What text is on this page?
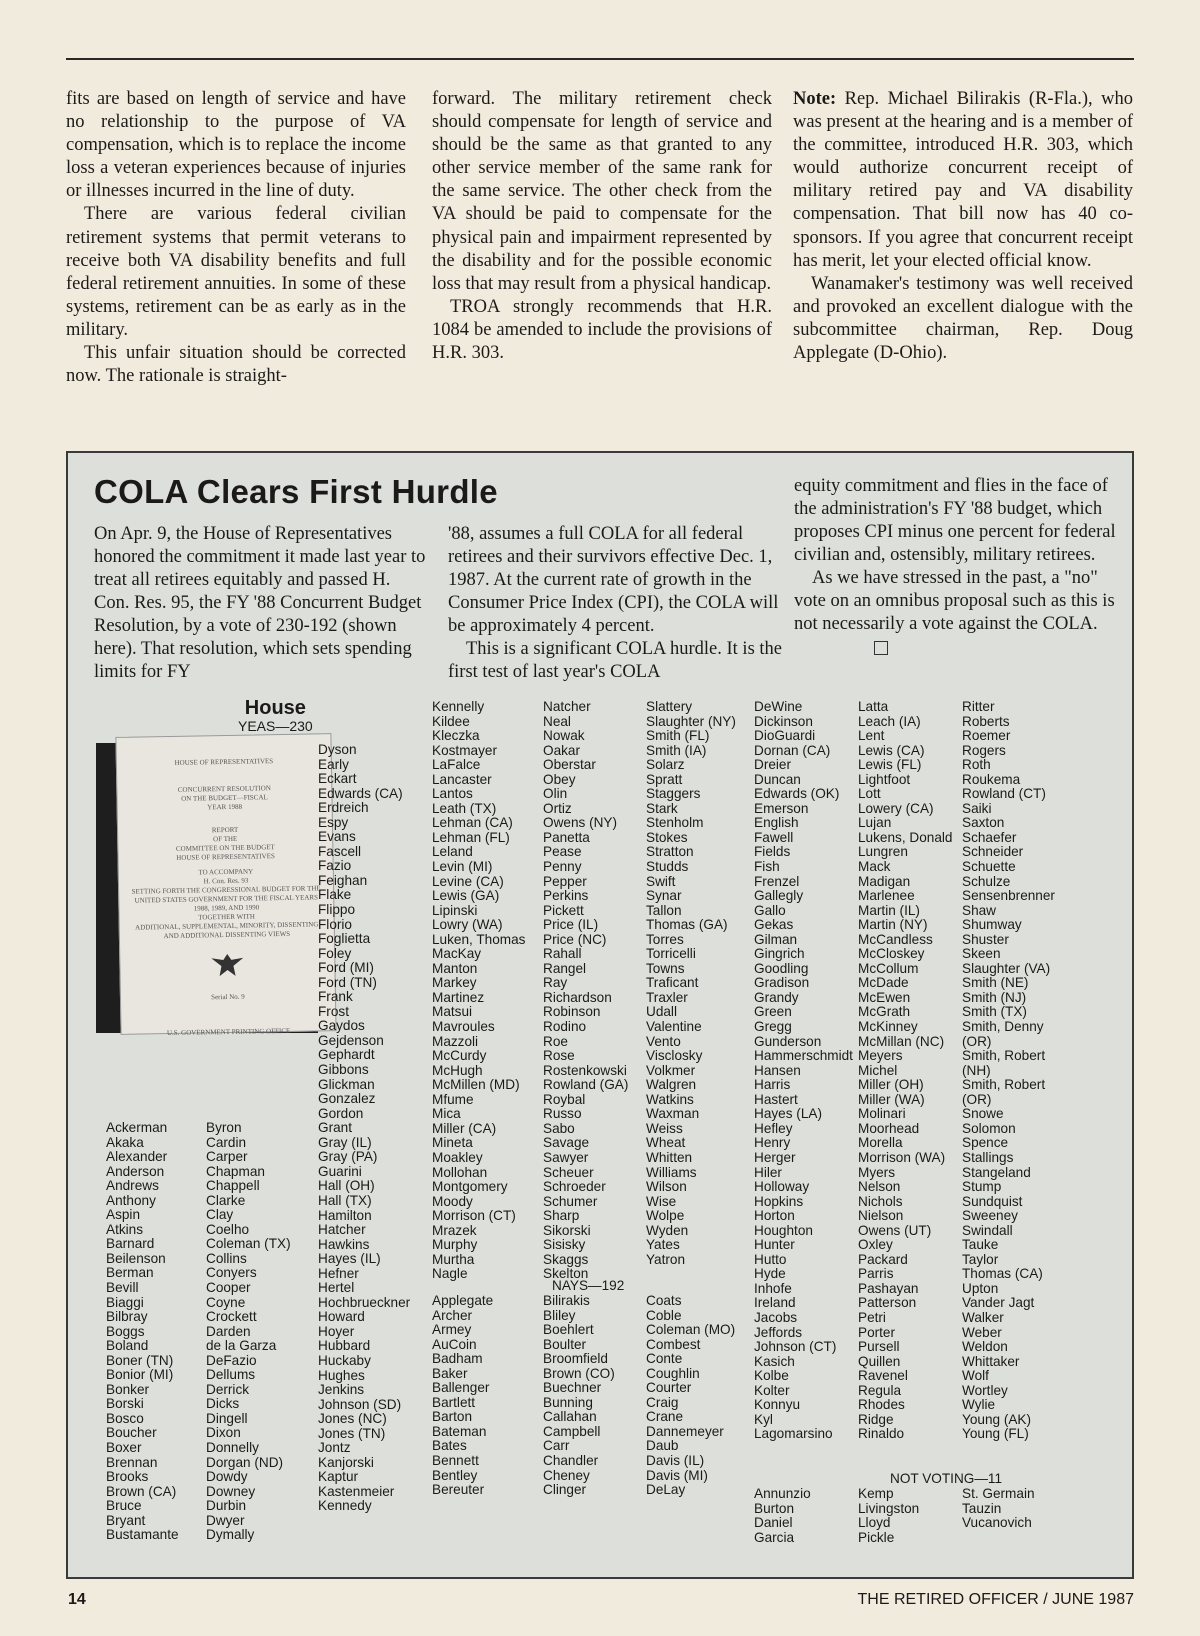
fits are based on length of service and have no relationship to the purpose of VA compensation, which is to replace the income loss a veteran experiences because of injuries or illnesses incurred in the line of duty.

There are various federal civilian retirement systems that permit veterans to receive both VA disability benefits and full federal retirement annuities. In some of these systems, retirement can be as early as in the military.

This unfair situation should be corrected now. The rationale is straight-

forward. The military retirement check should compensate for length of service and should be the same as that granted to any other service member of the same rank for the same service. The other check from the VA should be paid to compensate for the physical pain and impairment represented by the disability and for the possible economic loss that may result from a physical handicap.

TROA strongly recommends that H.R. 1084 be amended to include the provisions of H.R. 303.

Note: Rep. Michael Bilirakis (R-Fla.), who was present at the hearing and is a member of the committee, introduced H.R. 303, which would authorize concurrent receipt of military retired pay and VA disability compensation. That bill now has 40 co-sponsors. If you agree that concurrent receipt has merit, let your elected official know.

Wanamaker's testimony was well received and provoked an excellent dialogue with the subcommittee chairman, Rep. Doug Applegate (D-Ohio).

COLA Clears First Hurdle

On Apr. 9, the House of Representatives honored the commitment it made last year to treat all retirees equitably and passed H. Con. Res. 95, the FY '88 Concurrent Budget Resolution, by a vote of 230-192 (shown here). That resolution, which sets spending limits for FY

'88, assumes a full COLA for all federal retirees and their survivors effective Dec. 1, 1987. At the current rate of growth in the Consumer Price Index (CPI), the COLA will be approximately 4 percent.

This is a significant COLA hurdle. It is the first test of last year's COLA

equity commitment and flies in the face of the administration's FY '88 budget, which proposes CPI minus one percent for federal civilian and, ostensibly, military retirees.

As we have stressed in the past, a "no" vote on an omnibus proposal such as this is not necessarily a vote against the COLA.

HOUSE OF REPRESENTATIVES
CONCURRENT RESOLUTION
ON THE BUDGET—FISCAL
YEAR 1988
REPORT
OF THE
COMMITTEE ON THE BUDGET
HOUSE OF REPRESENTATIVES
TO ACCOMPANY
H. Con. Res. 93
SETTING FORTH THE CONGRESSIONAL BUDGET FOR THE UNITED STATES GOVERNMENT FOR THE FISCAL YEARS 1988, 1989, AND 1990
TOGETHER WITH
ADDITIONAL, SUPPLEMENTAL, MINORITY, DISSENTING AND ADDITIONAL DISSENTING VIEWS
Serial No. 9
U.S. GOVERNMENT PRINTING OFFICE
House
YEAS—230
Ackerman
Akaka
Alexander
Anderson
Andrews
Anthony
Aspin
Atkins
Barnard
Beilenson
Berman
Bevill
Biaggi
Bilbray
Boggs
Boland
Boner (TN)
Bonior (MI)
Bonker
Borski
Bosco
Boucher
Boxer
Brennan
Brooks
Brown (CA)
Bruce
Bryant
Bustamante
Byron
Cardin
Carper
Chapman
Chappell
Clarke
Clay
Coelho
Coleman (TX)
Collins
Conyers
Cooper
Coyne
Crockett
Darden
de la Garza
DeFazio
Dellums
Derrick
Dicks
Dingell
Dixon
Donnelly
Dorgan (ND)
Dowdy
Downey
Durbin
Dwyer
Dymally
Dyson
Early
Eckart
Edwards (CA)
Erdreich
Espy
Evans
Fascell
Fazio
Feighan
Flake
Flippo
Florio
Foglietta
Foley
Ford (MI)
Ford (TN)
Frank
Frost
Gaydos
Gejdenson
Gephardt
Gibbons
Glickman
Gonzalez
Gordon
Grant
Gray (IL)
Gray (PA)
Guarini
Hall (OH)
Hall (TX)
Hamilton
Hatcher
Hawkins
Hayes (IL)
Hefner
Hertel
Hochbrueckner
Howard
Hoyer
Hubbard
Huckaby
Hughes
Jenkins
Johnson (SD)
Jones (NC)
Jones (TN)
Jontz
Kanjorski
Kaptur
Kastenmeier
Kennedy
Kennelly
Kildee
Kleczka
Kostmayer
LaFalce
Lancaster
Lantos
Leath (TX)
Lehman (CA)
Lehman (FL)
Leland
Levin (MI)
Levine (CA)
Lewis (GA)
Lipinski
Lowry (WA)
Luken, Thomas
MacKay
Manton
Markey
Martinez
Matsui
Mavroules
Mazzoli
McCurdy
McHugh
McMillen (MD)
Mfume
Mica
Miller (CA)
Mineta
Moakley
Mollohan
Montgomery
Moody
Morrison (CT)
Mrazek
Murphy
Murtha
Nagle
Natcher
Neal
Nowak
Oakar
Oberstar
Obey
Olin
Ortiz
Owens (NY)
Panetta
Pease
Penny
Pepper
Perkins
Pickett
Price (IL)
Price (NC)
Rahall
Rangel
Ray
Richardson
Robinson
Rodino
Roe
Rose
Rostenkowski
Rowland (GA)
Roybal
Russo
Sabo
Savage
Sawyer
Scheuer
Schroeder
Schumer
Sharp
Sikorski
Sisisky
Skaggs
Skelton
Slattery
Slaughter (NY)
Smith (FL)
Smith (IA)
Solarz
Spratt
Staggers
Stark
Stenholm
Stokes
Stratton
Studds
Swift
Synar
Tallon
Thomas (GA)
Torres
Torricelli
Towns
Traficant
Traxler
Udall
Valentine
Vento
Visclosky
Volkmer
Walgren
Watkins
Waxman
Weiss
Wheat
Whitten
Williams
Wilson
Wise
Wolpe
Wyden
Yates
Yatron
NAYS—192
Applegate
Archer
Armey
AuCoin
Badham
Baker
Ballenger
Bartlett
Barton
Bateman
Bates
Bennett
Bentley
Bereuter
Bilirakis
Bliley
Boehlert
Boulter
Broomfield
Brown (CO)
Buechner
Bunning
Callahan
Campbell
Carr
Chandler
Cheney
Clinger
Coats
Coble
Coleman (MO)
Combest
Conte
Coughlin
Courter
Craig
Crane
Dannemeyer
Daub
Davis (IL)
Davis (MI)
DeLay
DeWine
Dickinson
DioGuardi
Dornan (CA)
Dreier
Duncan
Edwards (OK)
Emerson
English
Fawell
Fields
Fish
Frenzel
Gallegly
Gallo
Gekas
Gilman
Gingrich
Goodling
Gradison
Grandy
Green
Gregg
Gunderson
Hammerschmidt
Hansen
Harris
Hastert
Hayes (LA)
Hefley
Henry
Herger
Hiler
Holloway
Hopkins
Horton
Houghton
Hunter
Hutto
Hyde
Inhofe
Ireland
Jacobs
Jeffords
Johnson (CT)
Kasich
Kolbe
Kolter
Konnyu
Kyl
Lagomarsino
Latta
Leach (IA)
Lent
Lewis (CA)
Lewis (FL)
Lightfoot
Lott
Lowery (CA)
Lujan
Lukens, Donald
Lungren
Mack
Madigan
Marlenee
Martin (IL)
Martin (NY)
McCandless
McCloskey
McCollum
McDade
McEwen
McGrath
McKinney
McMillan (NC)
Meyers
Michel
Miller (OH)
Miller (WA)
Molinari
Moorhead
Morella
Morrison (WA)
Myers
Nelson
Nichols
Nielson
Owens (UT)
Oxley
Packard
Parris
Pashayan
Patterson
Petri
Porter
Pursell
Quillen
Ravenel
Regula
Rhodes
Ridge
Rinaldo
Ritter
Roberts
Roemer
Rogers
Roth
Roukema
Rowland (CT)
Saiki
Saxton
Schaefer
Schneider
Schuette
Schulze
Sensenbrenner
Shaw
Shumway
Shuster
Skeen
Slaughter (VA)
Smith (NE)
Smith (NJ)
Smith (TX)
Smith, Denny
(OR)
Smith, Robert
(NH)
Smith, Robert
(OR)
Snowe
Solomon
Spence
Stallings
Stangeland
Stump
Sundquist
Sweeney
Swindall
Tauke
Taylor
Thomas (CA)
Upton
Vander Jagt
Walker
Weber
Weldon
Whittaker
Wolf
Wortley
Wylie
Young (AK)
Young (FL)
NOT VOTING—11
Annunzio
Burton
Daniel
Garcia
Kemp
Livingston
Lloyd
Pickle
St. Germain
Tauzin
Vucanovich
14	THE RETIRED OFFICER / JUNE 1987
